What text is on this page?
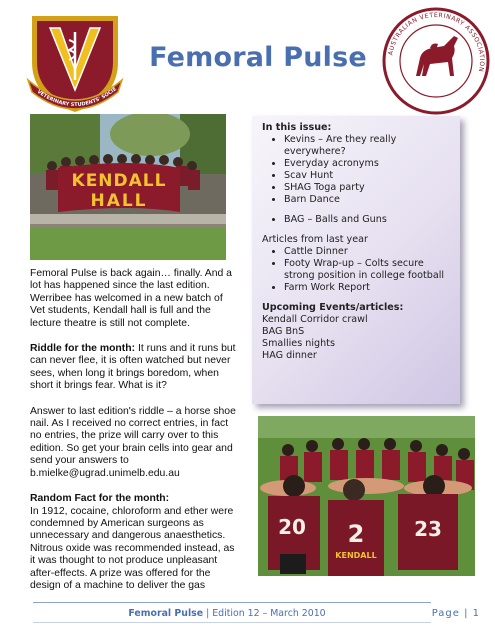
VETERINARY STUDENTS' SOCIE
Femoral Pulse	AUSTRALIAN VETERINARY ASSOCIATION
KENDALL
HALL

Femoral Pulse is back again… finally. And a lot has happened since the last edition. Werribee has welcomed in a new batch of Vet students, Kendall hall is full and the lecture theatre is still not complete.

Riddle for the month: It runs and it runs but can never flee, it is often watched but never sees, when long it brings boredom, when short it brings fear. What is it?

Answer to last edition's riddle – a horse shoe nail. As I received no correct entries, in fact no entries, the prize will carry over to this edition. So get your brain cells into gear and send your answers to b.mielke@ugrad.unimelb.edu.au

Random Fact for the month:
In 1912, cocaine, chloroform and ether were condemned by American surgeons as unnecessary and dangerous anaesthetics. Nitrous oxide was recommended instead, as it was thought to not produce unpleasant after-effects. A prize was offered for the design of a machine to deliver the gas

In this issue:
• Kevins – Are they really everywhere?
• Everyday acronyms
• Scav Hunt
• SHAG Toga party
• Barn Dance
• BAG – Balls and Guns

Articles from last year

• Cattle Dinner
• Footy Wrap-up – Colts secure strong position in college football
• Farm Work Report
Upcoming Events/articles:
Kendall Corridor crawl
BAG BnS
Smallies nights
HAG dinner
20 2
KENDALL
23
Femoral Pulse | Edition 12 – March 2010	Page | 1
